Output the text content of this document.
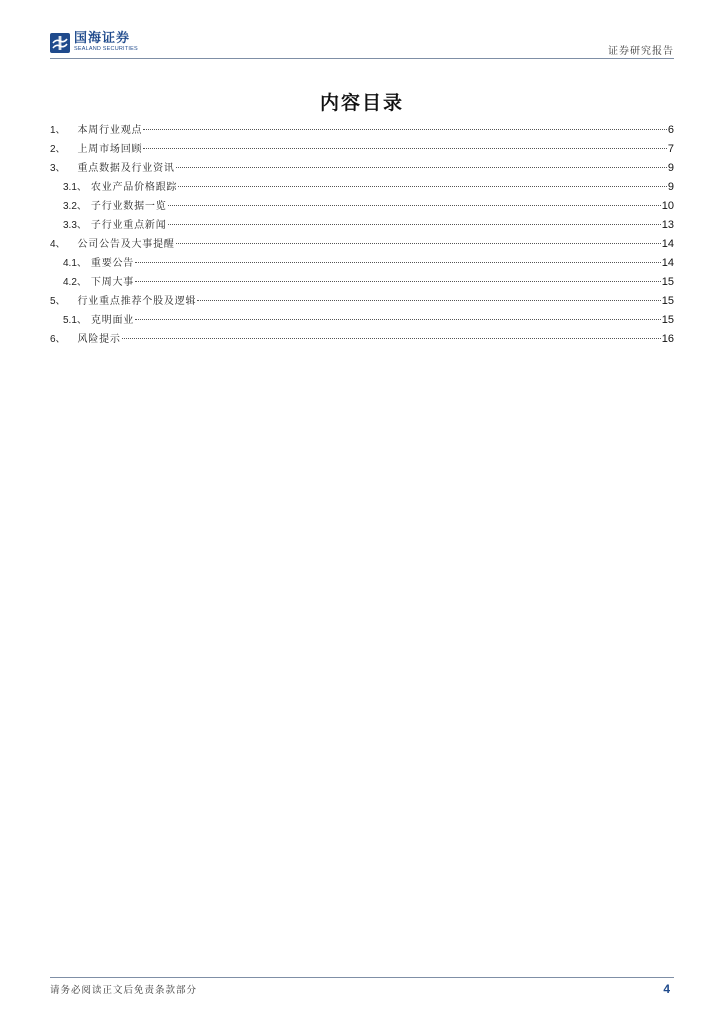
国海证券
SEALAND SECURITIES	证券研究报告
内容目录
1、 本周行业观点	6
2、 上周市场回顾	7
3、 重点数据及行业资讯	9
3.1、 农业产品价格跟踪	9
3.2、 子行业数据一览	10
3.3、 子行业重点新闻	13
4、 公司公告及大事提醒	14
4.1、 重要公告	14
4.2、 下周大事	15
5、 行业重点推荐个股及逻辑	15
5.1、 克明面业	15
6、 风险提示	16
请务必阅读正文后免责条款部分	4
